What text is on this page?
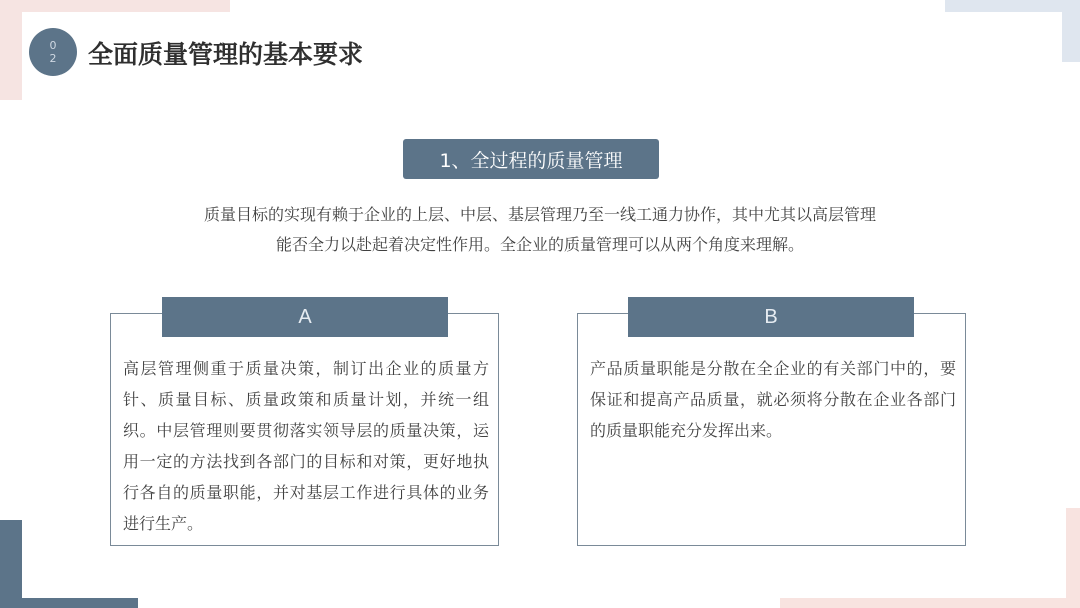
0
2 全面质量管理的基本要求
1、全过程的质量管理
质量目标的实现有赖于企业的上层、中层、基层管理乃至一线工通力协作，其中尤其以高层管理
能否全力以赴起着决定性作用。全企业的质量管理可以从两个角度来理解。
A	B
高层管理侧重于质量决策，制订出企业的质量方针、质量目标、质量政策和质量计划，并统一组织。中层管理则要贯彻落实领导层的质量决策，运用一定的方法找到各部门的目标和对策，更好地执行各自的质量职能，并对基层工作进行具体的业务进行生产。
产品质量职能是分散在全企业的有关部门中的，要保证和提高产品质量，就必须将分散在企业各部门的质量职能充分发挥出来。
